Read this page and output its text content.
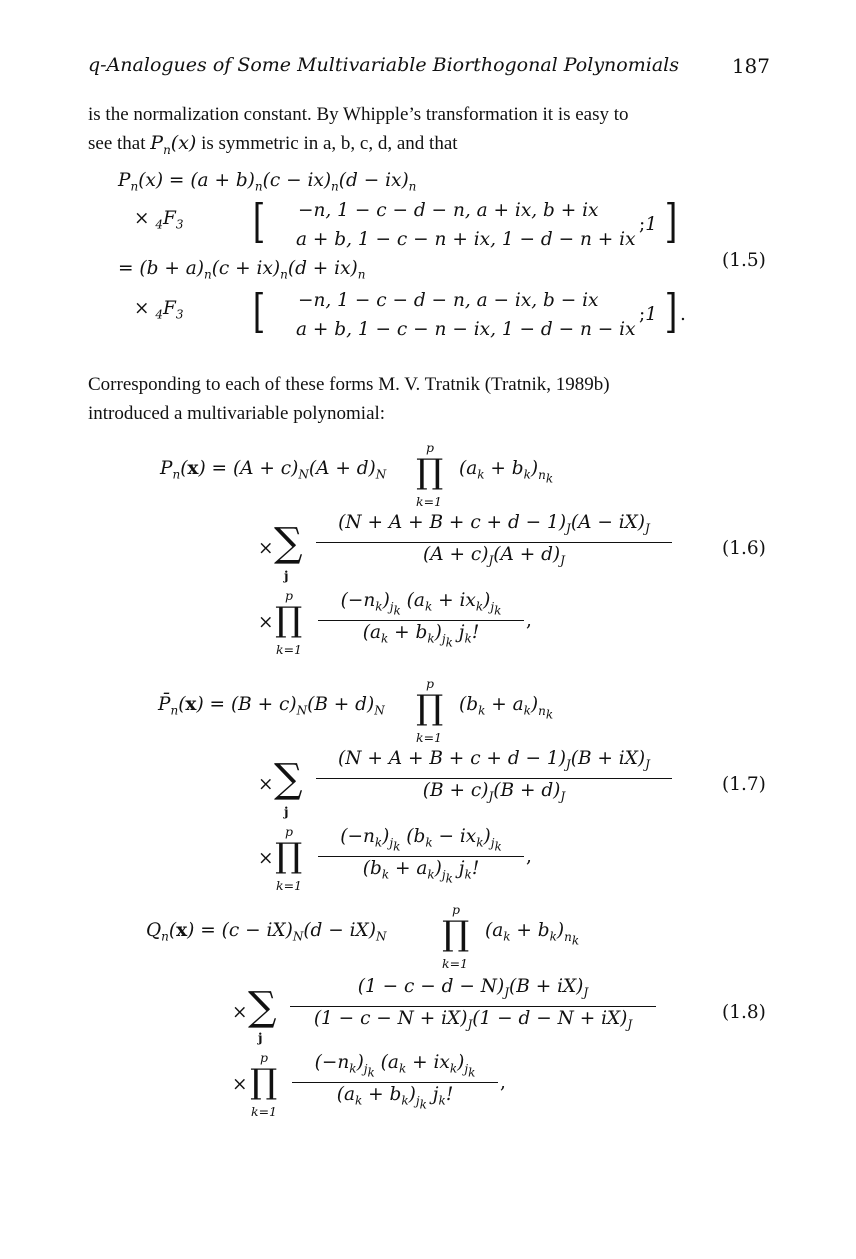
q-Analogues of Some Multivariable Biorthogonal Polynomials	187
is the normalization constant. By Whipple’s transformation it is easy to
see that $P_n(x)$ is symmetric in a, b, c, d, and that
$P_n(x) = (a + b)_n(c - ix)_n(d - ix)_n$
× $_4F_3$ [ −n, 1 − c − d − n, a + ix, b + ix
a + b, 1 − c − n + ix, 1 − d − n + ix
;1 ]
= $(b + a)_n(c + ix)_n(d + ix)_n$
× $_4F_3$ [ −n, 1 − c − d − n, a − ix, b − ix
a + b, 1 − c − n − ix, 1 − d − n − ix
;1 ] .
(1.5)
Corresponding to each of these forms M. V. Tratnik (Tratnik, 1989b)
introduced a multivariable polynomial:
p
$P_n(x) = (A + c)_N(A + d)_N$ ∏ $(a_k + b_k)_{n_k}$
k=1
× ∑
j
$(N + A + B + c + d - 1)_J(A - iX)_J$
$(A + c)_J(A + d)_J$
(1.6)
p
× ∏
k=1
$(-n_k)_{j_k}$ $(a_k + ix_k)_{j_k}$
$(a_k + b_k)_{j_k}$ $j_k$!
,
p
$P̄_n(x) = (B + c)_N(B + d)_N$ ∏ $(b_k + a_k)_{n_k}$
k=1
× ∑
j
$(N + A + B + c + d - 1)_J(B + iX)_J$
$(B + c)_J(B + d)_J$
(1.7)
p
× ∏
k=1
$(-n_k)_{j_k}$ $(b_k - ix_k)_{j_k}$
$(b_k + a_k)_{j_k}$ $j_k$!
,
p
$Q_n(x) = (c - iX)_N(d - iX)_N$ ∏ $(a_k + b_k)_{n_k}$
k=1
× ∑
j
$(1 - c - d - N)_J(B + iX)_J$
$(1 - c - N + iX)_J(1 - d - N + iX)_J$
(1.8)
p
× ∏
k=1
$(-n_k)_{j_k}$ $(a_k + ix_k)_{j_k}$
$(a_k + b_k)_{j_k}$ $j_k$!
,
